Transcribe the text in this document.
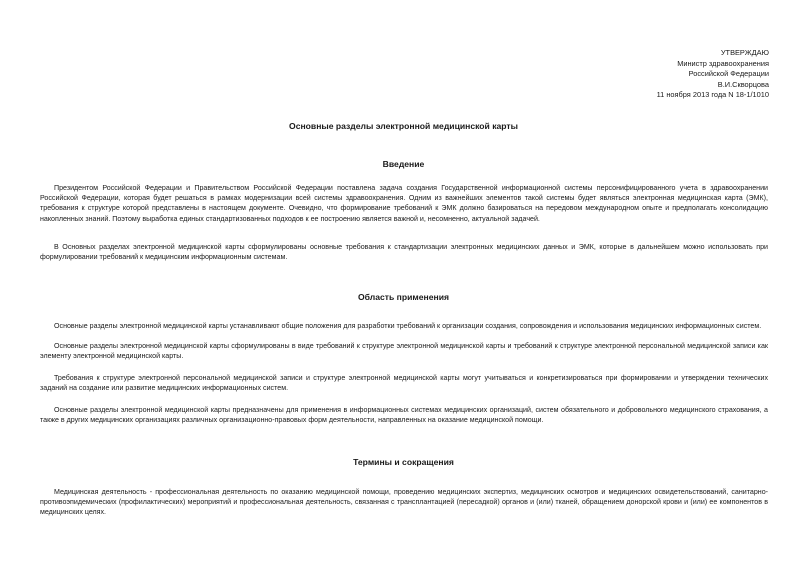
УТВЕРЖДАЮ
Министр здравоохранения
Российской Федерации
В.И.Скворцова
11 ноября 2013 года N 18-1/1010
Основные разделы электронной медицинской карты
Введение

Президентом Российской Федерации и Правительством Российской Федерации поставлена задача создания Государственной информационной системы персонифицированного учета в здравоохранении Российской Федерации, которая будет решаться в рамках модернизации всей системы здравоохранения. Одним из важнейших элементов такой системы будет являться электронная медицинская карта (ЭМК), требования к структуре которой представлены в настоящем документе. Очевидно, что формирование требований к ЭМК должно базироваться на передовом международном опыте и предполагать консолидацию накопленных знаний. Поэтому выработка единых стандартизованных подходов к ее построению является важной и, несомненно, актуальной задачей.

В Основных разделах электронной медицинской карты сформулированы основные требования к стандартизации электронных медицинских данных и ЭМК, которые в дальнейшем можно использовать при формулировании требований к медицинским информационным системам.

Область применения

Основные разделы электронной медицинской карты устанавливают общие положения для разработки требований к организации создания, сопровождения и использования медицинских информационных систем.

Основные разделы электронной медицинской карты сформулированы в виде требований к структуре электронной медицинской карты и требований к структуре электронной персональной медицинской записи как элементу электронной медицинской карты.

Требования к структуре электронной персональной медицинской записи и структуре электронной медицинской карты могут учитываться и конкретизироваться при формировании и утверждении технических заданий на создание или развитие медицинских информационных систем.

Основные разделы электронной медицинской карты предназначены для применения в информационных системах медицинских организаций, систем обязательного и добровольного медицинского страхования, а также в других медицинских организациях различных организационно-правовых форм деятельности, направленных на оказание медицинской помощи.

Термины и сокращения

Медицинская деятельность - профессиональная деятельность по оказанию медицинской помощи, проведению медицинских экспертиз, медицинских осмотров и медицинских освидетельствований, санитарно-противоэпидемических (профилактических) мероприятий и профессиональная деятельность, связанная с трансплантацией (пересадкой) органов и (или) тканей, обращением донорской крови и (или) ее компонентов в медицинских целях.
